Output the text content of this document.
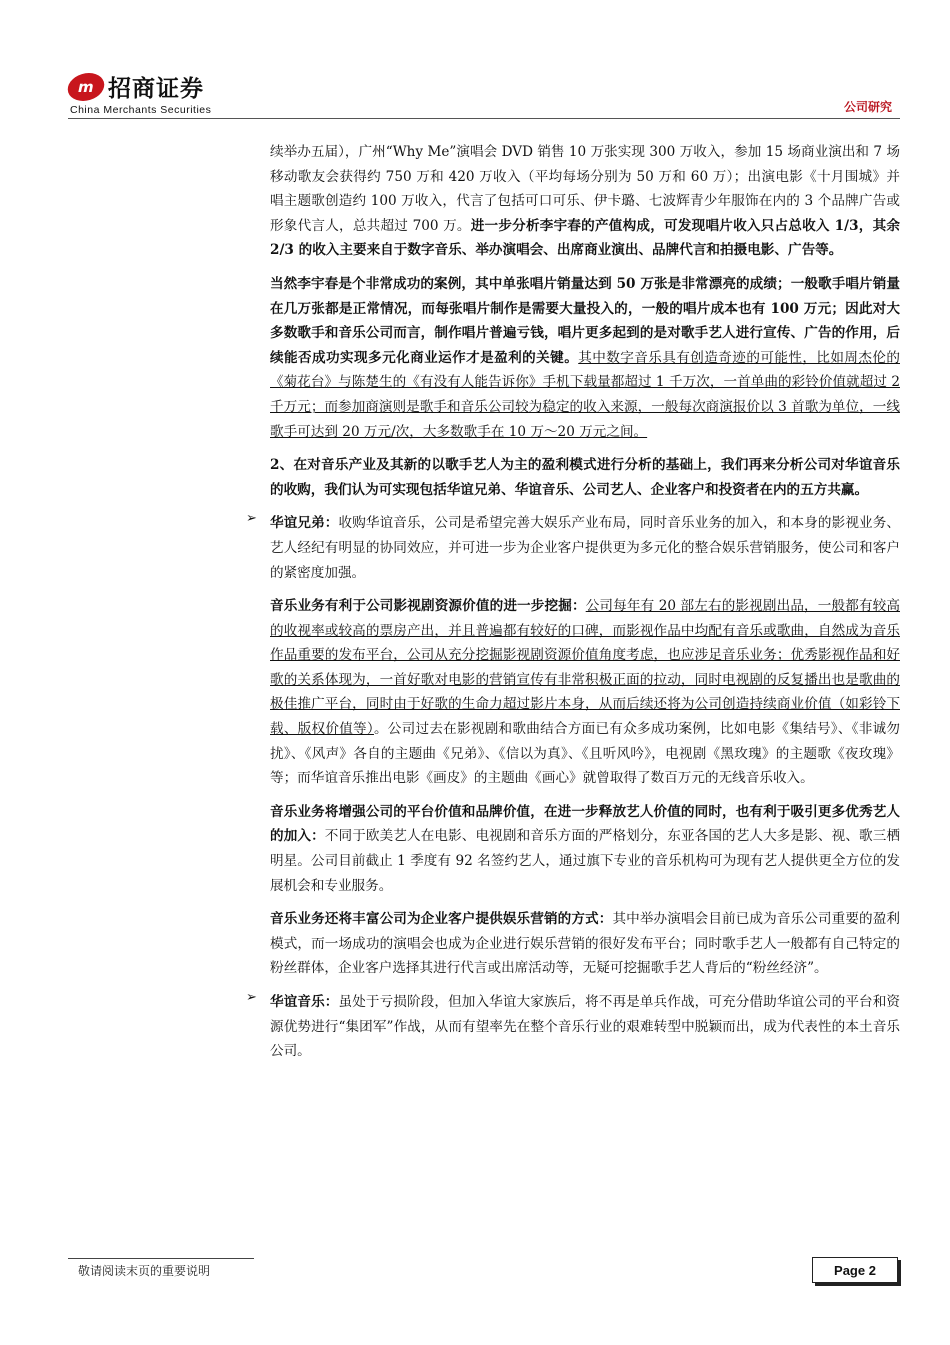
m 招商证券
China Merchants Securities	公司研究

续举办五届），广州“Why Me”演唱会 DVD 销售 10 万张实现 300 万收入，参加 15 场商业演出和 7 场移动歌友会获得约 750 万和 420 万收入（平均每场分别为 50 万和 60 万）；出演电影《十月围城》并唱主题歌创造约 100 万收入，代言了包括可口可乐、伊卡璐、七波辉青少年服饰在内的 3 个品牌广告或形象代言人，总共超过 700 万。进一步分析李宇春的产值构成，可发现唱片收入只占总收入 1/3，其余 2/3 的收入主要来自于数字音乐、举办演唱会、出席商业演出、品牌代言和拍摄电影、广告等。

当然李宇春是个非常成功的案例，其中单张唱片销量达到 50 万张是非常漂亮的成绩；一般歌手唱片销量在几万张都是正常情况，而每张唱片制作是需要大量投入的，一般的唱片成本也有 100 万元；因此对大多数歌手和音乐公司而言，制作唱片普遍亏钱，唱片更多起到的是对歌手艺人进行宣传、广告的作用，后续能否成功实现多元化商业运作才是盈利的关键。其中数字音乐具有创造奇迹的可能性，比如周杰伦的《菊花台》与陈楚生的《有没有人能告诉你》手机下载量都超过 1 千万次，一首单曲的彩铃价值就超过 2 千万元；而参加商演则是歌手和音乐公司较为稳定的收入来源，一般每次商演报价以 3 首歌为单位，一线歌手可达到 20 万元/次，大多数歌手在 10 万～20 万元之间。

2、在对音乐产业及其新的以歌手艺人为主的盈利模式进行分析的基础上，我们再来分析公司对华谊音乐的收购，我们认为可实现包括华谊兄弟、华谊音乐、公司艺人、企业客户和投资者在内的五方共赢。

➢ 华谊兄弟：收购华谊音乐，公司是希望完善大娱乐产业布局，同时音乐业务的加入，和本身的影视业务、艺人经纪有明显的协同效应，并可进一步为企业客户提供更为多元化的整合娱乐营销服务，使公司和客户的紧密度加强。

音乐业务有利于公司影视剧资源价值的进一步挖掘：公司每年有 20 部左右的影视剧出品，一般都有较高的收视率或较高的票房产出，并且普遍都有较好的口碑，而影视作品中均配有音乐或歌曲，自然成为音乐作品重要的发布平台，公司从充分挖掘影视剧资源价值角度考虑，也应涉足音乐业务；优秀影视作品和好歌的关系体现为，一首好歌对电影的营销宣传有非常积极正面的拉动，同时电视剧的反复播出也是歌曲的极佳推广平台，同时由于好歌的生命力超过影片本身，从而后续还将为公司创造持续商业价值（如彩铃下载、版权价值等）。公司过去在影视剧和歌曲结合方面已有众多成功案例，比如电影《集结号》、《非诚勿扰》、《风声》各自的主题曲《兄弟》、《信以为真》、《且听风吟》，电视剧《黑玫瑰》的主题歌《夜玫瑰》等；而华谊音乐推出电影《画皮》的主题曲《画心》就曾取得了数百万元的无线音乐收入。

音乐业务将增强公司的平台价值和品牌价值，在进一步释放艺人价值的同时，也有利于吸引更多优秀艺人的加入：不同于欧美艺人在电影、电视剧和音乐方面的严格划分，东亚各国的艺人大多是影、视、歌三栖明星。公司目前截止 1 季度有 92 名签约艺人，通过旗下专业的音乐机构可为现有艺人提供更全方位的发展机会和专业服务。

音乐业务还将丰富公司为企业客户提供娱乐营销的方式：其中举办演唱会目前已成为音乐公司重要的盈利模式，而一场成功的演唱会也成为企业进行娱乐营销的很好发布平台；同时歌手艺人一般都有自己特定的粉丝群体，企业客户选择其进行代言或出席活动等，无疑可挖掘歌手艺人背后的“粉丝经济”。

➢ 华谊音乐：虽处于亏损阶段，但加入华谊大家族后，将不再是单兵作战，可充分借助华谊公司的平台和资源优势进行“集团军”作战，从而有望率先在整个音乐行业的艰难转型中脱颖而出，成为代表性的本土音乐公司。

敬请阅读末页的重要说明	Page 2
